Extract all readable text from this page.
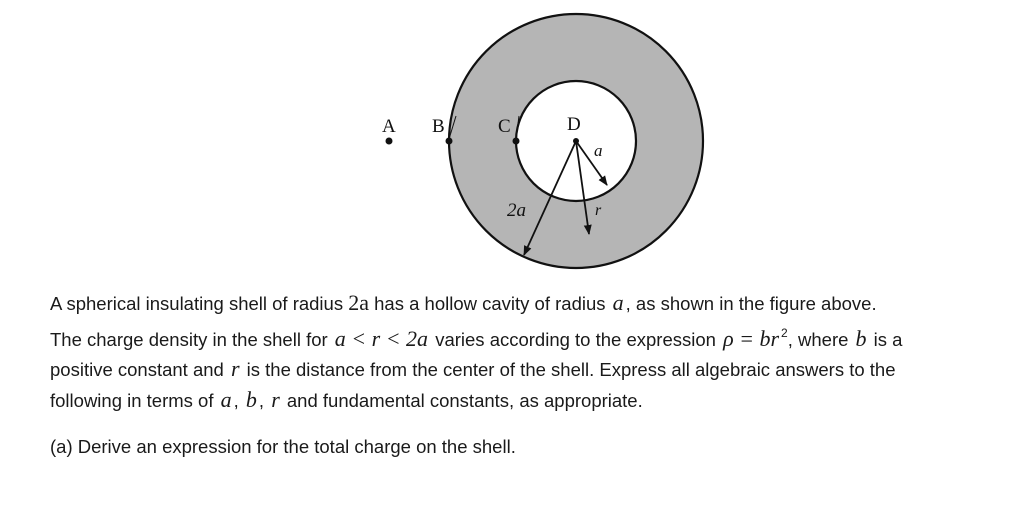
A B	C	D
a
2a	r

A spherical insulating shell of radius 2a has a hollow cavity of radius a , as shown in the figure above.
The charge density in the shell for a < r < 2a varies according to the expression ρ = br $^2$, where b is a
positive constant and r is the distance from the center of the shell. Express all algebraic answers to the
following in terms of a , b , r and fundamental constants, as appropriate.

(a) Derive an expression for the total charge on the shell.
